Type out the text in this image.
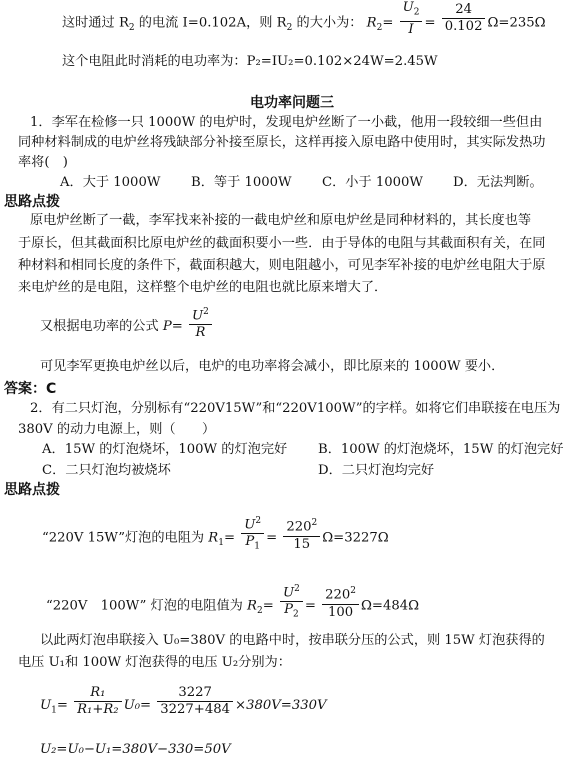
这时通过 $R_2$ 的电流 I=0.102A，则 $R_2$ 的大小为： $R_2= \frac{U_2}{I} = \frac{24}{0.102} \Omega=235\Omega$
这个电阻此时消耗的电功率为：P₂=IU₂=0.102×24W=2.45W
电功率问题三
1．李军在检修一只 1000W 的电炉时，发现电炉丝断了一小截，他用一段较细一些但由
同种材料制成的电炉丝将残缺部分补接至原长，这样再接入原电路中使用时，其实际发热功
率将(　)
A．大于 1000W B．等于 1000W C．小于 1000W D．无法判断。
思路点拨
原电炉丝断了一截，李军找来补接的一截电炉丝和原电炉丝是同种材料的，其长度也等
于原长，但其截面积比原电炉丝的截面积要小一些．由于导体的电阻与其截面积有关，在同
种材料和相同长度的条件下，截面积越大，则电阻越小，可见李军补接的电炉丝电阻大于原
来电炉丝的是电阻，这样整个电炉丝的电阻也就比原来增大了．
又根据电功率的公式 $P= \frac{U^2}{R}$
可见李军更换电炉丝以后，电炉的电功率将会减小，即比原来的 1000W 要小．
答案：C
2．有二只灯泡，分别标有“220V15W”和“220V100W”的字样。如将它们串联接在电压为
380V 的动力电源上，则（　　）
A．15W 的灯泡烧坏，100W 的灯泡完好 B．100W 的灯泡烧坏，15W 的灯泡完好
C．二只灯泡均被烧坏	D．二只灯泡均完好
思路点拨
“220V 15W”灯泡的电阻为 $R_1= \frac{U^2}{P_1} = \frac{220^2}{15} \Omega=3227\Omega$
“220V　100W” 灯泡的电阻值为 $R_2= \frac{U^2}{P_2} = \frac{220^2}{100} \Omega=484\Omega$
以此两灯泡串联接入 U₀=380V 的电路中时，按串联分压的公式，则 15W 灯泡获得的
电压 U₁和 100W 灯泡获得的电压 U₂分别为：
$U_1= \frac{\text{R₁}}{\text{R₁+R₂}} U_0= \frac{3227}{3227+484} \times 380V=330V$
U₂=U₀−U₁=380V−330=50V
